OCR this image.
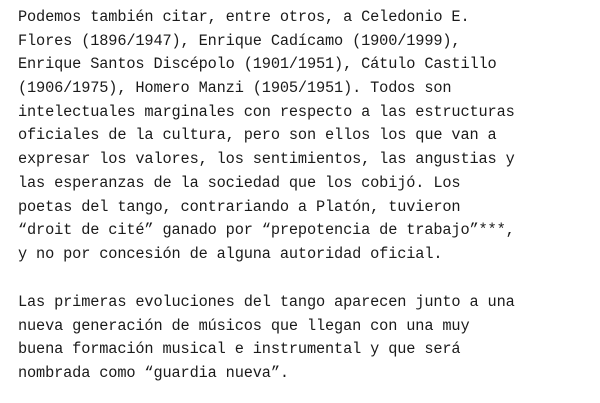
Podemos también citar, entre otros, a Celedonio E.
Flores (1896/1947), Enrique Cadícamo (1900/1999),
Enrique Santos Discépolo (1901/1951), Cátulo Castillo
(1906/1975), Homero Manzi (1905/1951). Todos son
intelectuales marginales con respecto a las estructuras
oficiales de la cultura, pero son ellos los que van a
expresar los valores, los sentimientos, las angustias y
las esperanzas de la sociedad que los cobijó. Los
poetas del tango, contrariando a Platón, tuvieron
“droit de cité” ganado por “prepotencia de trabajo”***,
y no por concesión de alguna autoridad oficial.
Las primeras evoluciones del tango aparecen junto a una
nueva generación de músicos que llegan con una muy
buena formación musical e instrumental y que será
nombrada como “guardia nueva”.
